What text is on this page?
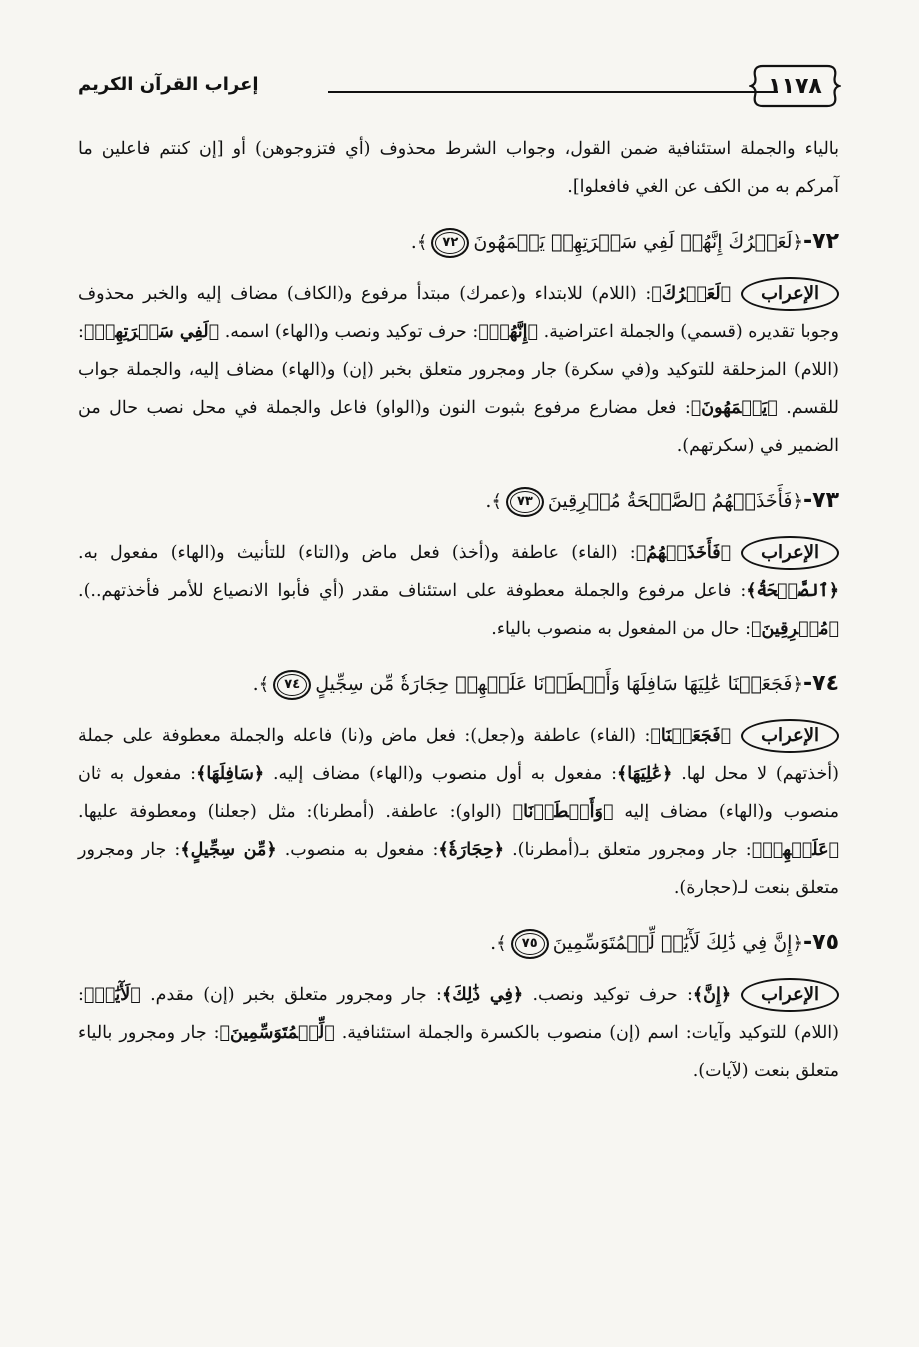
إعراب القرآن الكريم	١١٧٨

بالياء والجملة استئنافية ضمن القول، وجواب الشرط محذوف (أي فتزوجوهن) أو [إن كنتم فاعلين ما آمركم به من الكف عن الغي فافعلوا].

٧٢-﴿لَعَمۡرُكَ إِنَّهُمۡ لَفِي سَكۡرَتِهِمۡ يَعۡمَهُونَ٧٢﴾.

الإعراب﴿لَعَمۡرُكَ﴾: (اللام) للابتداء و(عمرك) مبتدأ مرفوع و(الكاف) مضاف إليه والخبر محذوف وجوبا تقديره (قسمي) والجملة اعتراضية. ﴿إِنَّهُمۡ﴾: حرف توكيد ونصب و(الهاء) اسمه. ﴿لَفِي سَكۡرَتِهِمۡ﴾: (اللام) المزحلقة للتوكيد و(في سكرة) جار ومجرور متعلق بخبر (إن) و(الهاء) مضاف إليه، والجملة جواب للقسم. ﴿يَعۡمَهُونَ﴾: فعل مضارع مرفوع بثبوت النون و(الواو) فاعل والجملة في محل نصب حال من الضمير في (سكرتهم).

٧٣-﴿فَأَخَذَتۡهُمُ ٱلصَّيۡحَةُ مُشۡرِقِينَ٧٣﴾.

الإعراب﴿فَأَخَذَتۡهُمُ﴾: (الفاء) عاطفة و(أخذ) فعل ماض و(التاء) للتأنيث و(الهاء) مفعول به. ﴿ٱلصَّيۡحَةُ﴾: فاعل مرفوع والجملة معطوفة على استئناف مقدر (أي فأبوا الانصياع للأمر فأخذتهم..). ﴿مُشۡرِقِينَ﴾: حال من المفعول به منصوب بالياء.

٧٤-﴿فَجَعَلۡنَا عَٰلِيَهَا سَافِلَهَا وَأَمۡطَرۡنَا عَلَيۡهِمۡ حِجَارَةٗ مِّن سِجِّيلٍ٧٤﴾.

الإعراب﴿فَجَعَلۡنَا﴾: (الفاء) عاطفة و(جعل): فعل ماض و(نا) فاعله والجملة معطوفة على جملة (أخذتهم) لا محل لها. ﴿عَٰلِيَهَا﴾: مفعول به أول منصوب و(الهاء) مضاف إليه. ﴿سَافِلَهَا﴾: مفعول به ثان منصوب و(الهاء) مضاف إليه ﴿وَأَمۡطَرۡنَا﴾ (الواو): عاطفة. (أمطرنا): مثل (جعلنا) ومعطوفة عليها. ﴿عَلَيۡهِمۡ﴾: جار ومجرور متعلق بـ(أمطرنا). ﴿حِجَارَةٗ﴾: مفعول به منصوب. ﴿مِّن سِجِّيلٍ﴾: جار ومجرور متعلق بنعت لـ(حجارة).

٧٥-﴿إِنَّ فِي ذَٰلِكَ لَأٓيَٰتٖ لِّلۡمُتَوَسِّمِينَ٧٥﴾.

الإعراب﴿إِنَّ﴾: حرف توكيد ونصب. ﴿فِي ذَٰلِكَ﴾: جار ومجرور متعلق بخبر (إن) مقدم. ﴿لَأٓيَٰتٖ﴾: (اللام) للتوكيد وآيات: اسم (إن) منصوب بالكسرة والجملة استئنافية. ﴿لِّلۡمُتَوَسِّمِينَ﴾: جار ومجرور بالياء متعلق بنعت (لآيات).
